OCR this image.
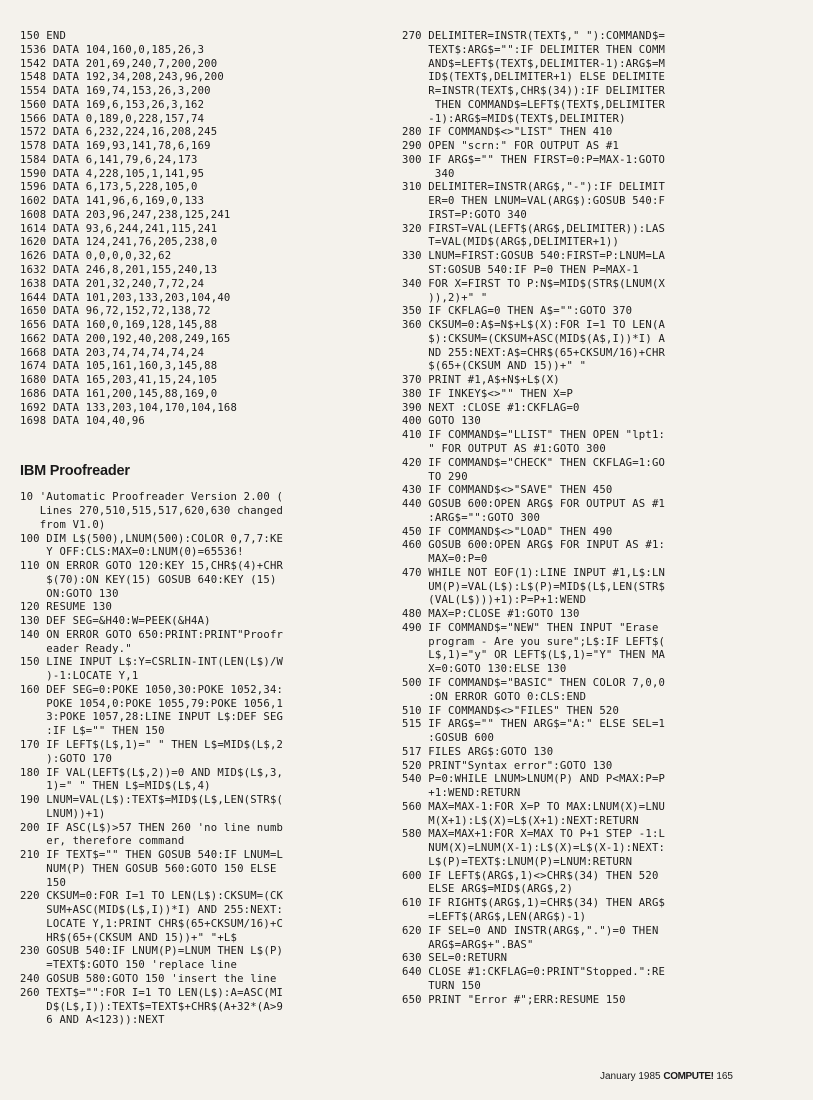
150 END
1536 DATA 104,160,0,185,26,3
1542 DATA 201,69,240,7,200,200
1548 DATA 192,34,208,243,96,200
1554 DATA 169,74,153,26,3,200
1560 DATA 169,6,153,26,3,162
1566 DATA 0,189,0,228,157,74
1572 DATA 6,232,224,16,208,245
1578 DATA 169,93,141,78,6,169
1584 DATA 6,141,79,6,24,173
1590 DATA 4,228,105,1,141,95
1596 DATA 6,173,5,228,105,0
1602 DATA 141,96,6,169,0,133
1608 DATA 203,96,247,238,125,241
1614 DATA 93,6,244,241,115,241
1620 DATA 124,241,76,205,238,0
1626 DATA 0,0,0,0,32,62
1632 DATA 246,8,201,155,240,13
1638 DATA 201,32,240,7,72,24
1644 DATA 101,203,133,203,104,40
1650 DATA 96,72,152,72,138,72
1656 DATA 160,0,169,128,145,88
1662 DATA 200,192,40,208,249,165
1668 DATA 203,74,74,74,74,24
1674 DATA 105,161,160,3,145,88
1680 DATA 165,203,41,15,24,105
1686 DATA 161,200,145,88,169,0
1692 DATA 133,203,104,170,104,168
1698 DATA 104,40,96
IBM Proofreader
10 'Automatic Proofreader Version 2.00 (
Lines 270,510,515,517,620,630 changed
from V1.0)
100 DIM L$(500),LNUM(500):COLOR 0,7,7:KE
Y OFF:CLS:MAX=0:LNUM(0)=65536!
110 ON ERROR GOTO 120:KEY 15,CHR$(4)+CHR
$(70):ON KEY(15) GOSUB 640:KEY (15)
ON:GOTO 130
120 RESUME 130
130 DEF SEG=&H40:W=PEEK(&H4A)
140 ON ERROR GOTO 650:PRINT:PRINT"Proofr
eader Ready."
150 LINE INPUT L$:Y=CSRLIN-INT(LEN(L$)/W
)-1:LOCATE Y,1
160 DEF SEG=0:POKE 1050,30:POKE 1052,34:
POKE 1054,0:POKE 1055,79:POKE 1056,1
3:POKE 1057,28:LINE INPUT L$:DEF SEG
:IF L$="" THEN 150
170 IF LEFT$(L$,1)=" " THEN L$=MID$(L$,2
):GOTO 170
180 IF VAL(LEFT$(L$,2))=0 AND MID$(L$,3,
1)=" " THEN L$=MID$(L$,4)
190 LNUM=VAL(L$):TEXT$=MID$(L$,LEN(STR$(
LNUM))+1)
200 IF ASC(L$)>57 THEN 260 'no line numb
er, therefore command
210 IF TEXT$="" THEN GOSUB 540:IF LNUM=L
NUM(P) THEN GOSUB 560:GOTO 150 ELSE
150
220 CKSUM=0:FOR I=1 TO LEN(L$):CKSUM=(CK
SUM+ASC(MID$(L$,I))*I) AND 255:NEXT:
LOCATE Y,1:PRINT CHR$(65+CKSUM/16)+C
HR$(65+(CKSUM AND 15))+" "+L$
230 GOSUB 540:IF LNUM(P)=LNUM THEN L$(P)
=TEXT$:GOTO 150 'replace line
240 GOSUB 580:GOTO 150 'insert the line
260 TEXT$="":FOR I=1 TO LEN(L$):A=ASC(MI
D$(L$,I)):TEXT$=TEXT$+CHR$(A+32*(A>9
6 AND A<123)):NEXT
270 DELIMITER=INSTR(TEXT$," "):COMMAND$=
TEXT$:ARG$="":IF DELIMITER THEN COMM
AND$=LEFT$(TEXT$,DELIMITER-1):ARG$=M
ID$(TEXT$,DELIMITER+1) ELSE DELIMITE
R=INSTR(TEXT$,CHR$(34)):IF DELIMITER
THEN COMMAND$=LEFT$(TEXT$,DELIMITER
-1):ARG$=MID$(TEXT$,DELIMITER)
280 IF COMMAND$<>"LIST" THEN 410
290 OPEN "scrn:" FOR OUTPUT AS #1
300 IF ARG$="" THEN FIRST=0:P=MAX-1:GOTO
340
310 DELIMITER=INSTR(ARG$,"-"):IF DELIMIT
ER=0 THEN LNUM=VAL(ARG$):GOSUB 540:F
IRST=P:GOTO 340
320 FIRST=VAL(LEFT$(ARG$,DELIMITER)):LAS
T=VAL(MID$(ARG$,DELIMITER+1))
330 LNUM=FIRST:GOSUB 540:FIRST=P:LNUM=LA
ST:GOSUB 540:IF P=0 THEN P=MAX-1
340 FOR X=FIRST TO P:N$=MID$(STR$(LNUM(X
)),2)+" "
350 IF CKFLAG=0 THEN A$="":GOTO 370
360 CKSUM=0:A$=N$+L$(X):FOR I=1 TO LEN(A
$):CKSUM=(CKSUM+ASC(MID$(A$,I))*I) A
ND 255:NEXT:A$=CHR$(65+CKSUM/16)+CHR
$(65+(CKSUM AND 15))+" "
370 PRINT #1,A$+N$+L$(X)
380 IF INKEY$<>"" THEN X=P
390 NEXT :CLOSE #1:CKFLAG=0
400 GOTO 130
410 IF COMMAND$="LLIST" THEN OPEN "lpt1:
" FOR OUTPUT AS #1:GOTO 300
420 IF COMMAND$="CHECK" THEN CKFLAG=1:GO
TO 290
430 IF COMMAND$<>"SAVE" THEN 450
440 GOSUB 600:OPEN ARG$ FOR OUTPUT AS #1
:ARG$="":GOTO 300
450 IF COMMAND$<>"LOAD" THEN 490
460 GOSUB 600:OPEN ARG$ FOR INPUT AS #1:
MAX=0:P=0
470 WHILE NOT EOF(1):LINE INPUT #1,L$:LN
UM(P)=VAL(L$):L$(P)=MID$(L$,LEN(STR$
(VAL(L$)))+1):P=P+1:WEND
480 MAX=P:CLOSE #1:GOTO 130
490 IF COMMAND$="NEW" THEN INPUT "Erase
program - Are you sure";L$:IF LEFT$(
L$,1)="y" OR LEFT$(L$,1)="Y" THEN MA
X=0:GOTO 130:ELSE 130
500 IF COMMAND$="BASIC" THEN COLOR 7,0,0
:ON ERROR GOTO 0:CLS:END
510 IF COMMAND$<>"FILES" THEN 520
515 IF ARG$="" THEN ARG$="A:" ELSE SEL=1
:GOSUB 600
517 FILES ARG$:GOTO 130
520 PRINT"Syntax error":GOTO 130
540 P=0:WHILE LNUM>LNUM(P) AND P<MAX:P=P
+1:WEND:RETURN
560 MAX=MAX-1:FOR X=P TO MAX:LNUM(X)=LNU
M(X+1):L$(X)=L$(X+1):NEXT:RETURN
580 MAX=MAX+1:FOR X=MAX TO P+1 STEP -1:L
NUM(X)=LNUM(X-1):L$(X)=L$(X-1):NEXT:
L$(P)=TEXT$:LNUM(P)=LNUM:RETURN
600 IF LEFT$(ARG$,1)<>CHR$(34) THEN 520
ELSE ARG$=MID$(ARG$,2)
610 IF RIGHT$(ARG$,1)=CHR$(34) THEN ARG$
=LEFT$(ARG$,LEN(ARG$)-1)
620 IF SEL=0 AND INSTR(ARG$,".")=0 THEN
ARG$=ARG$+".BAS"
630 SEL=0:RETURN
640 CLOSE #1:CKFLAG=0:PRINT"Stopped.":RE
TURN 150
650 PRINT "Error #";ERR:RESUME 150
January 1985 COMPUTE! 165
